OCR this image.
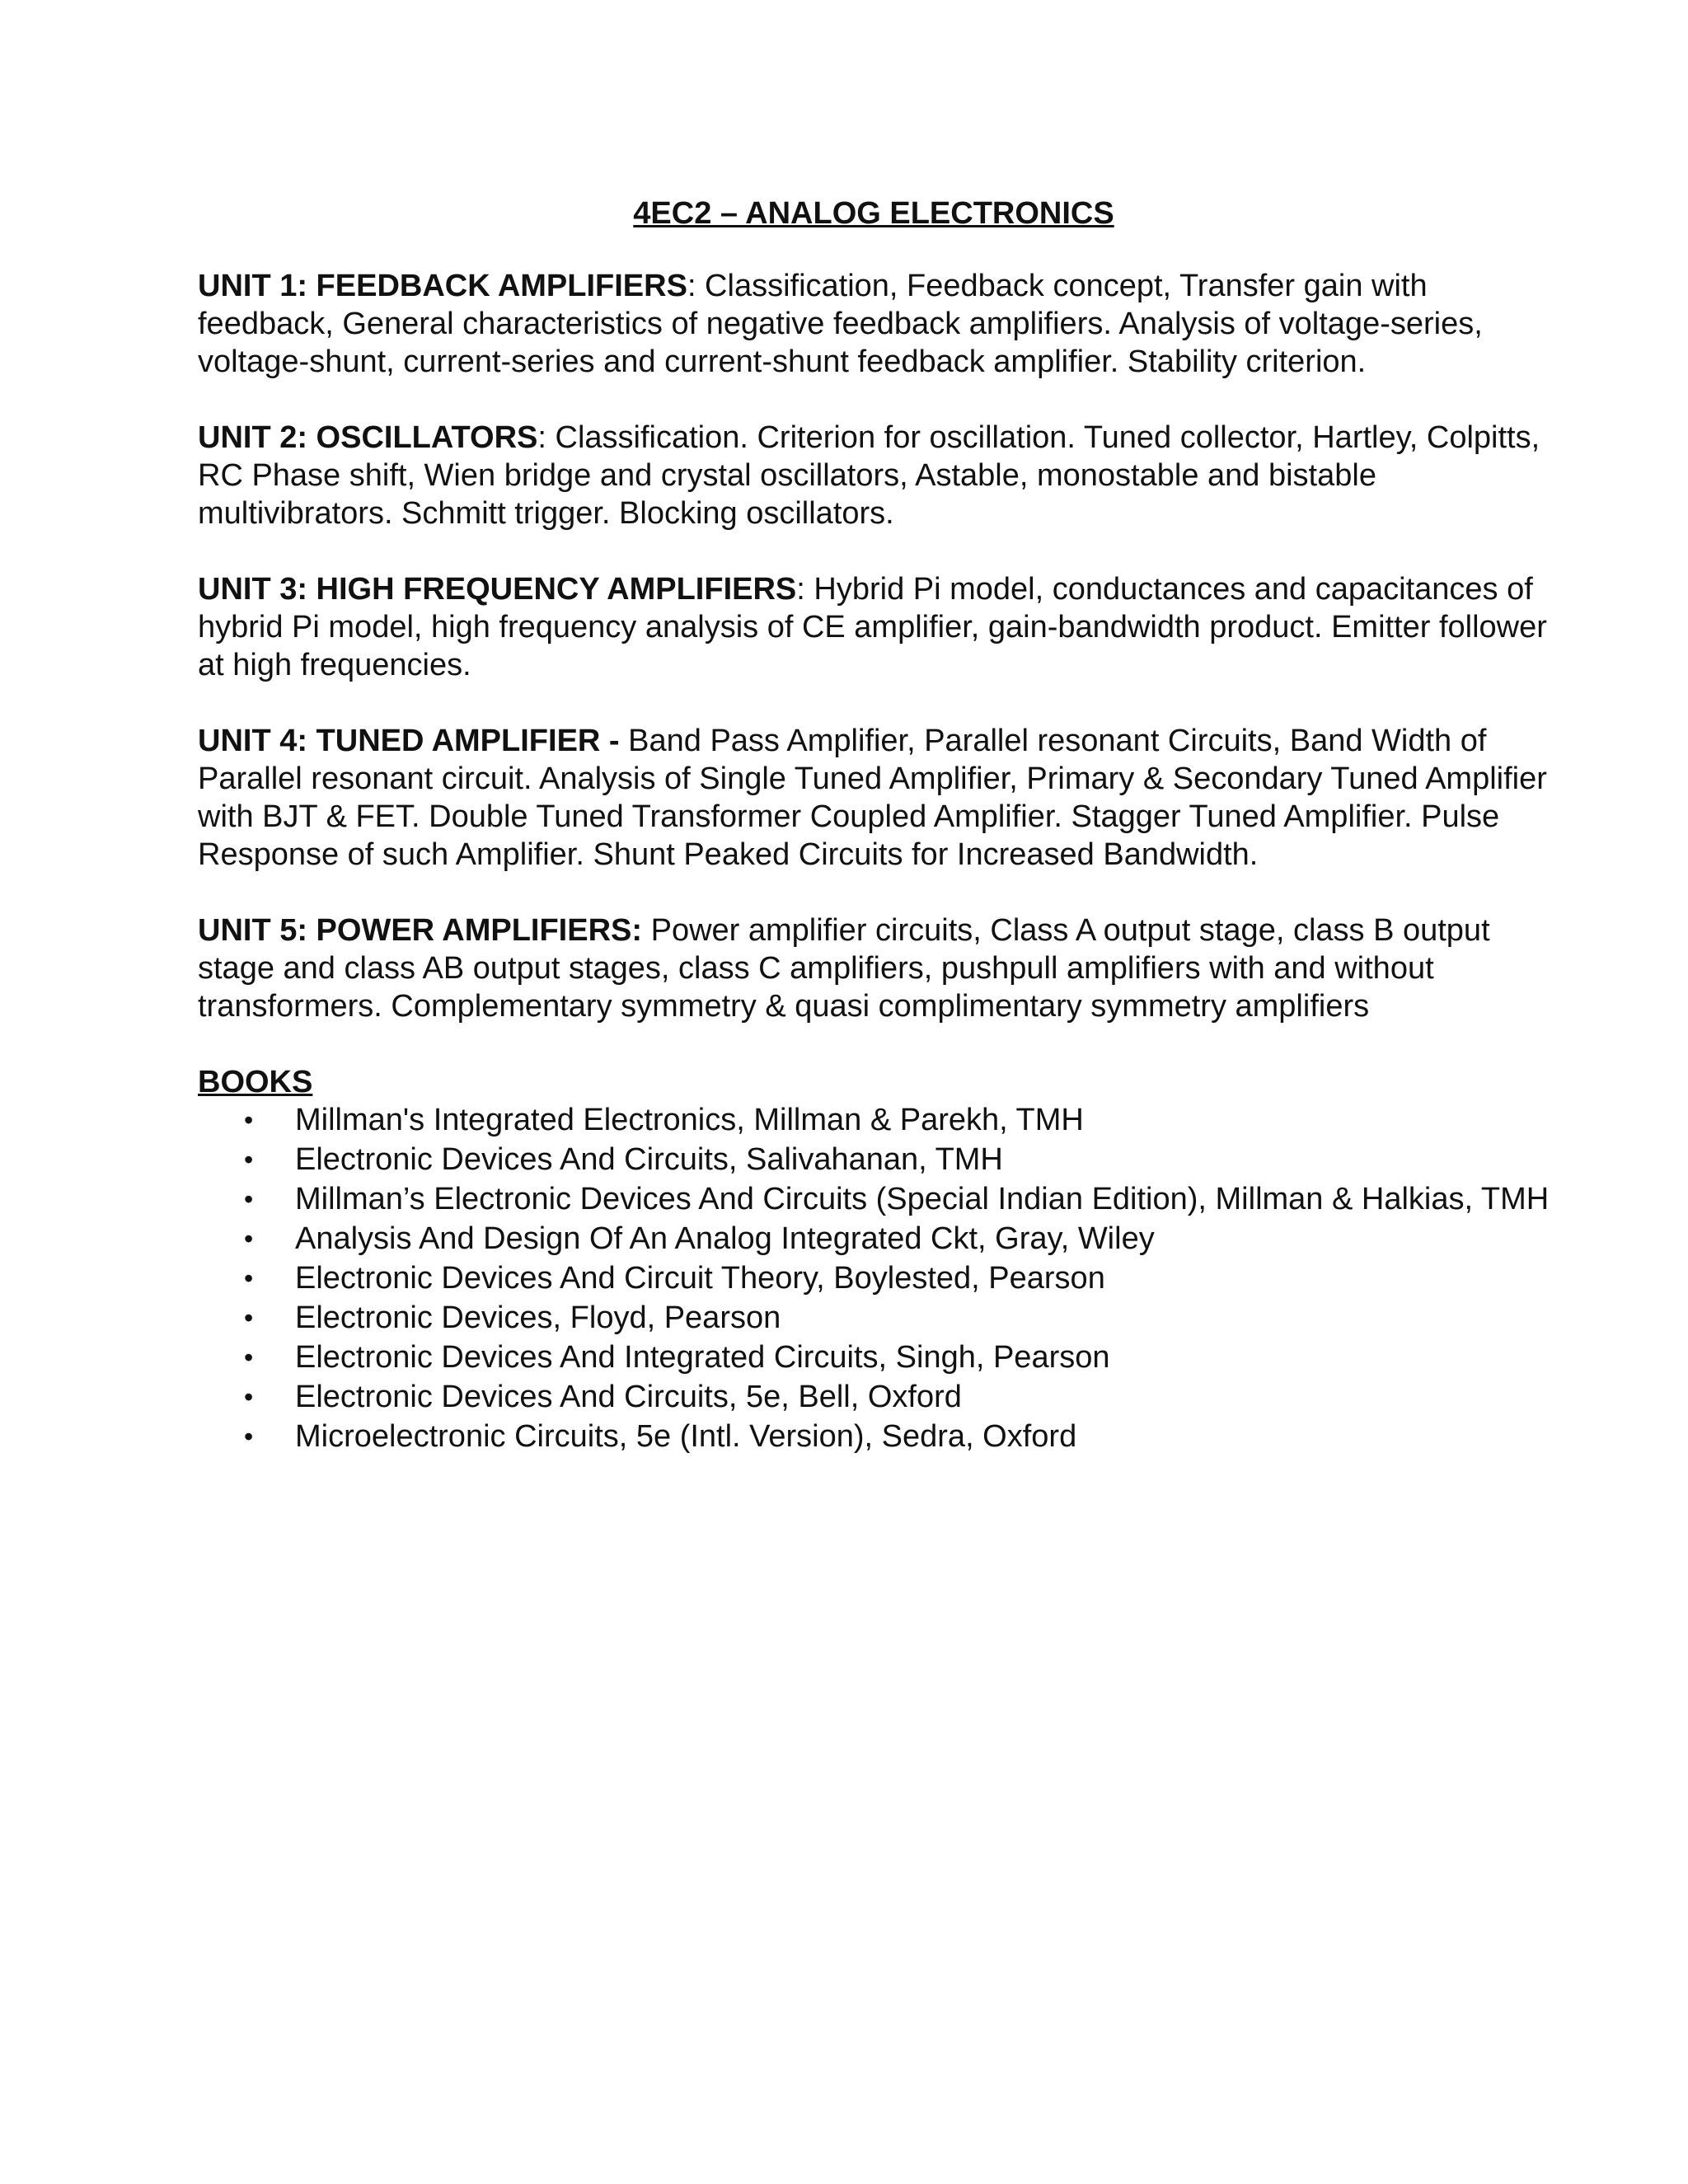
4EC2 – ANALOG ELECTRONICS
UNIT 1: FEEDBACK AMPLIFIERS: Classification, Feedback concept, Transfer gain with feedback, General characteristics of negative feedback amplifiers. Analysis of voltage-series, voltage-shunt, current-series and current-shunt feedback amplifier. Stability criterion.
UNIT 2: OSCILLATORS: Classification. Criterion for oscillation. Tuned collector, Hartley, Colpitts, RC Phase shift, Wien bridge and crystal oscillators, Astable, monostable and bistable multivibrators. Schmitt trigger. Blocking oscillators.
UNIT 3: HIGH FREQUENCY AMPLIFIERS: Hybrid Pi model, conductances and capacitances of hybrid Pi model, high frequency analysis of CE amplifier, gain-bandwidth product. Emitter follower at high frequencies.
UNIT 4: TUNED AMPLIFIER - Band Pass Amplifier, Parallel resonant Circuits, Band Width of Parallel resonant circuit. Analysis of Single Tuned Amplifier, Primary & Secondary Tuned Amplifier with BJT & FET. Double Tuned Transformer Coupled Amplifier. Stagger Tuned Amplifier. Pulse Response of such Amplifier. Shunt Peaked Circuits for Increased Bandwidth.
UNIT 5: POWER AMPLIFIERS: Power amplifier circuits, Class A output stage, class B output stage and class AB output stages, class C amplifiers, pushpull amplifiers with and without transformers. Complementary symmetry & quasi complimentary symmetry amplifiers
BOOKS
• Millman's Integrated Electronics, Millman & Parekh, TMH
• Electronic Devices And Circuits, Salivahanan, TMH
• Millman’s Electronic Devices And Circuits (Special Indian Edition), Millman & Halkias, TMH
• Analysis And Design Of An Analog Integrated Ckt, Gray, Wiley
• Electronic Devices And Circuit Theory, Boylested, Pearson
• Electronic Devices, Floyd, Pearson
• Electronic Devices And Integrated Circuits, Singh, Pearson
• Electronic Devices And Circuits, 5e, Bell, Oxford
• Microelectronic Circuits, 5e (Intl. Version), Sedra, Oxford
